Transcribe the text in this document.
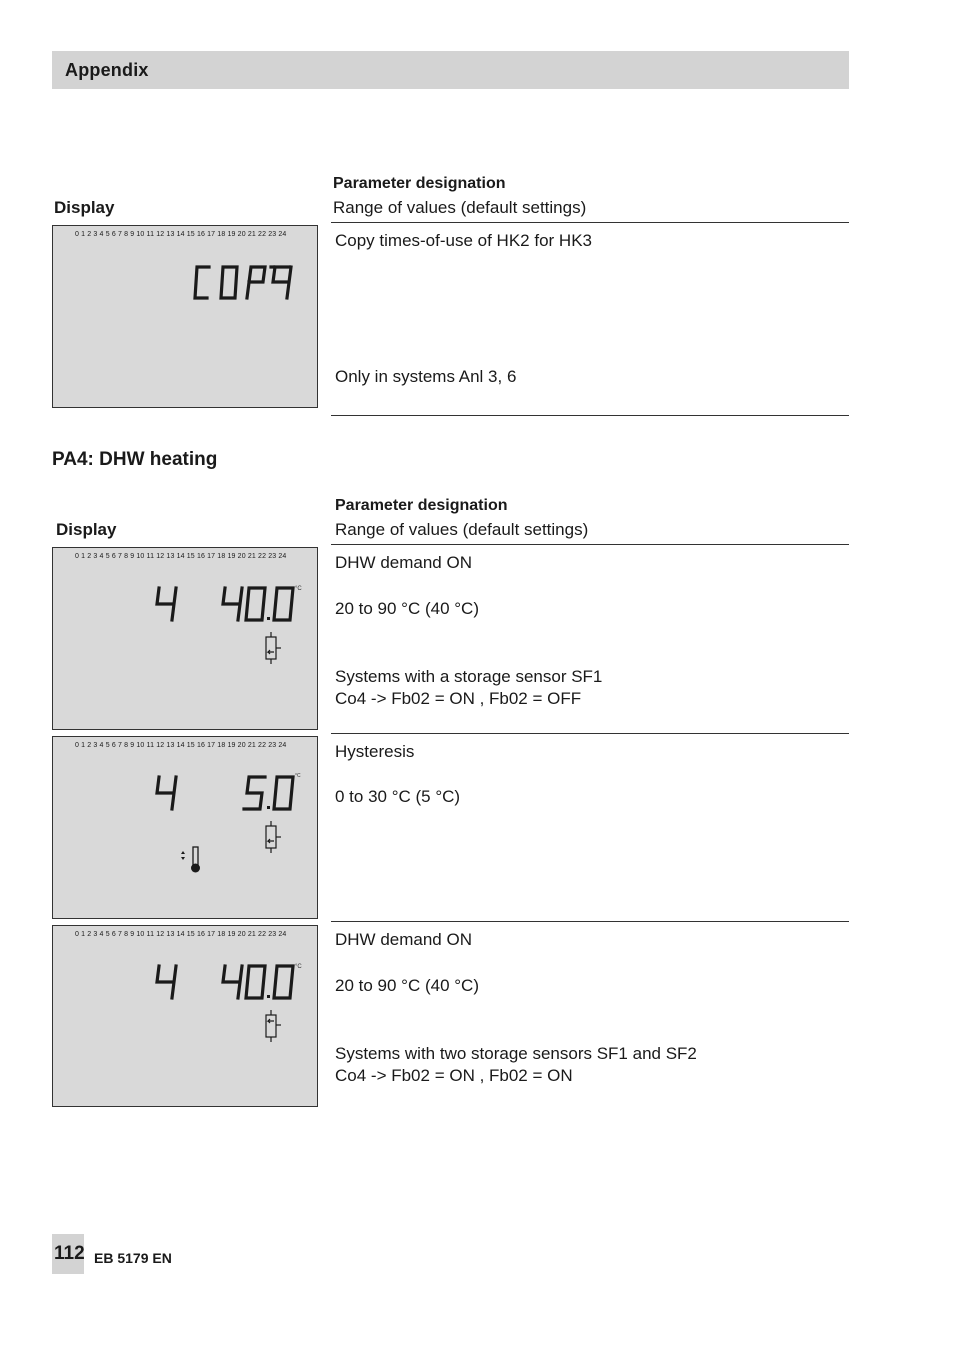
Appendix
Parameter designation
Display	Range of values (default settings)
0 1 2 3 4 5 6 7 8 9 10 11 12 13 14 15 16 17 18 19 20 21 22 23 24	Copy times-of-use of HK2 for HK3
Only in systems Anl 3, 6
PA4: DHW heating
Parameter designation
Display	Range of values (default settings)
0 1 2 3 4 5 6 7 8 9 10 11 12 13 14 15 16 17 18 19 20 21 22 23 24
°C
DHW demand ON
20 to 90 °C (40 °C)
Systems with a storage sensor SF1
Co4 -> Fb02 = ON , Fb02 = OFF
0 1 2 3 4 5 6 7 8 9 10 11 12 13 14 15 16 17 18 19 20 21 22 23 24
°C
Hysteresis
0 to 30 °C (5 °C)
0 1 2 3 4 5 6 7 8 9 10 11 12 13 14 15 16 17 18 19 20 21 22 23 24
°C
DHW demand ON
20 to 90 °C (40 °C)
Systems with two storage sensors SF1 and SF2
Co4 -> Fb02 = ON , Fb02 = ON
112 EB 5179 EN
